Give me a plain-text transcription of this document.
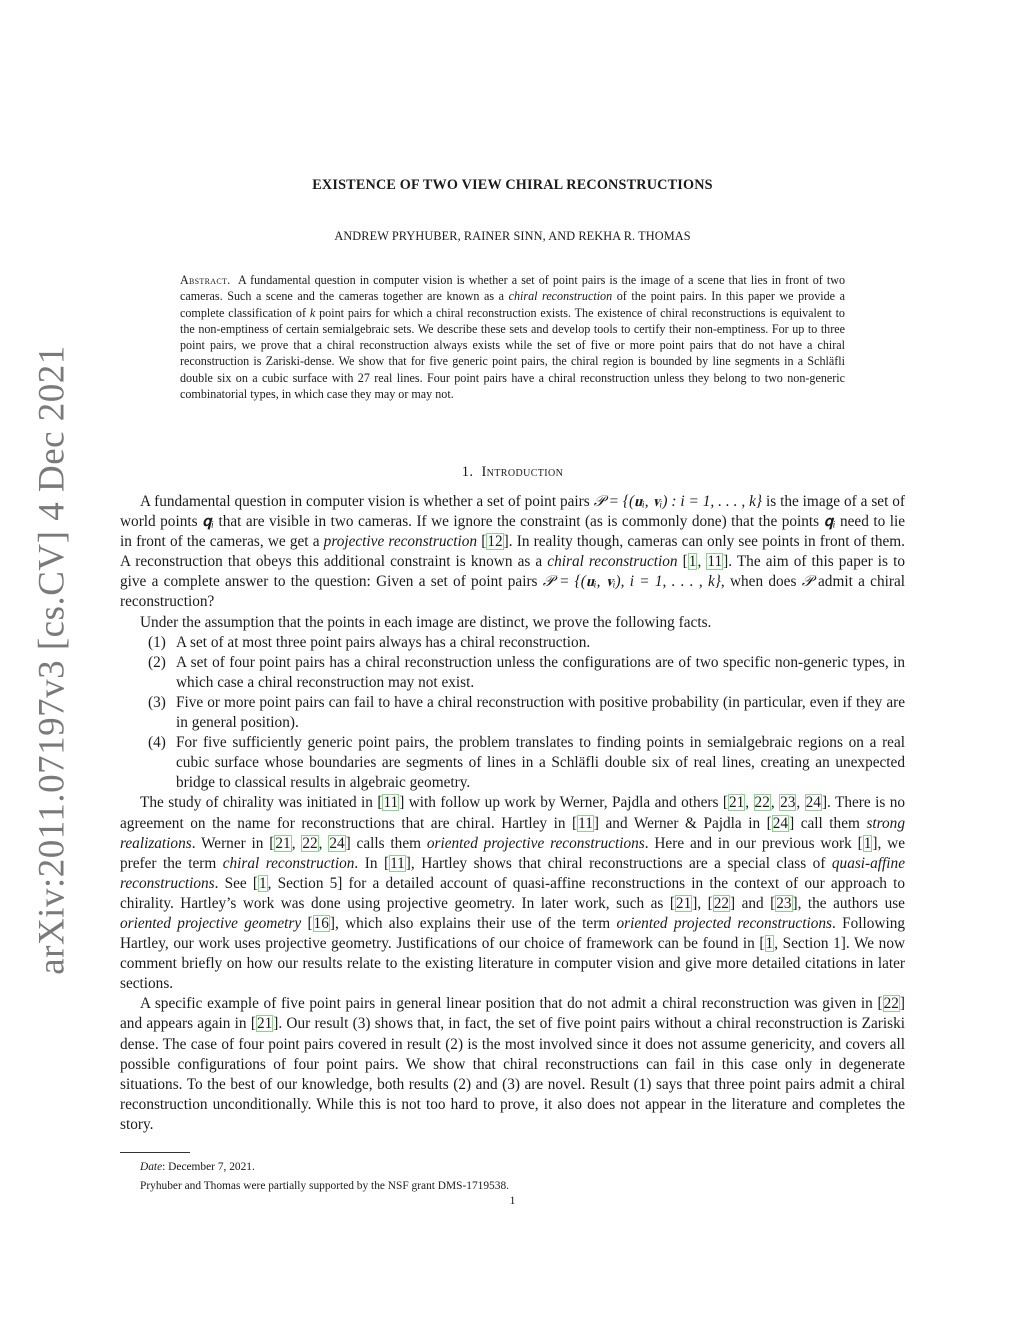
arXiv:2011.07197v3 [cs.CV] 4 Dec 2021
EXISTENCE OF TWO VIEW CHIRAL RECONSTRUCTIONS
ANDREW PRYHUBER, RAINER SINN, AND REKHA R. THOMAS
Abstract. A fundamental question in computer vision is whether a set of point pairs is the image of a scene that lies in front of two cameras. Such a scene and the cameras together are known as a chiral reconstruction of the point pairs. In this paper we provide a complete classification of k point pairs for which a chiral reconstruction exists. The existence of chiral reconstructions is equivalent to the non-emptiness of certain semialgebraic sets. We describe these sets and develop tools to certify their non-emptiness. For up to three point pairs, we prove that a chiral reconstruction always exists while the set of five or more point pairs that do not have a chiral reconstruction is Zariski-dense. We show that for five generic point pairs, the chiral region is bounded by line segments in a Schläfli double six on a cubic surface with 27 real lines. Four point pairs have a chiral reconstruction unless they belong to two non-generic combinatorial types, in which case they may or may not.
1. Introduction

A fundamental question in computer vision is whether a set of point pairs 𝒫 = {(𝐮ᵢ, 𝐯ᵢ) : i = 1, . . . , k} is the image of a set of world points 𝐪ᵢ that are visible in two cameras. If we ignore the constraint (as is commonly done) that the points 𝐪ᵢ need to lie in front of the cameras, we get a projective reconstruction [12]. In reality though, cameras can only see points in front of them. A reconstruction that obeys this additional constraint is known as a chiral reconstruction [1, 11]. The aim of this paper is to give a complete answer to the question: Given a set of point pairs 𝒫 = {(𝐮ᵢ, 𝐯ᵢ), i = 1, . . . , k}, when does 𝒫 admit a chiral reconstruction?

Under the assumption that the points in each image are distinct, we prove the following facts.

(1) A set of at most three point pairs always has a chiral reconstruction.
(2) A set of four point pairs has a chiral reconstruction unless the configurations are of two specific non-generic types, in which case a chiral reconstruction may not exist.
(3) Five or more point pairs can fail to have a chiral reconstruction with positive probability (in particular, even if they are in general position).
(4) For five sufficiently generic point pairs, the problem translates to finding points in semialgebraic regions on a real cubic surface whose boundaries are segments of lines in a Schläfli double six of real lines, creating an unexpected bridge to classical results in algebraic geometry.

The study of chirality was initiated in [11] with follow up work by Werner, Pajdla and others [21, 22, 23, 24]. There is no agreement on the name for reconstructions that are chiral. Hartley in [11] and Werner & Pajdla in [24] call them strong realizations. Werner in [21, 22, 24] calls them oriented projective reconstructions. Here and in our previous work [1], we prefer the term chiral reconstruction. In [11], Hartley shows that chiral reconstructions are a special class of quasi-affine reconstructions. See [1, Section 5] for a detailed account of quasi-affine reconstructions in the context of our approach to chirality. Hartley’s work was done using projective geometry. In later work, such as [21], [22] and [23], the authors use oriented projective geometry [16], which also explains their use of the term oriented projected reconstructions. Following Hartley, our work uses projective geometry. Justifications of our choice of framework can be found in [1, Section 1]. We now comment briefly on how our results relate to the existing literature in computer vision and give more detailed citations in later sections.

A specific example of five point pairs in general linear position that do not admit a chiral reconstruction was given in [22] and appears again in [21]. Our result (3) shows that, in fact, the set of five point pairs without a chiral reconstruction is Zariski dense. The case of four point pairs covered in result (2) is the most involved since it does not assume genericity, and covers all possible configurations of four point pairs. We show that chiral reconstructions can fail in this case only in degenerate situations. To the best of our knowledge, both results (2) and (3) are novel. Result (1) says that three point pairs admit a chiral reconstruction unconditionally. While this is not too hard to prove, it also does not appear in the literature and completes the story.

Date: December 7, 2021.
Pryhuber and Thomas were partially supported by the NSF grant DMS-1719538.
1
